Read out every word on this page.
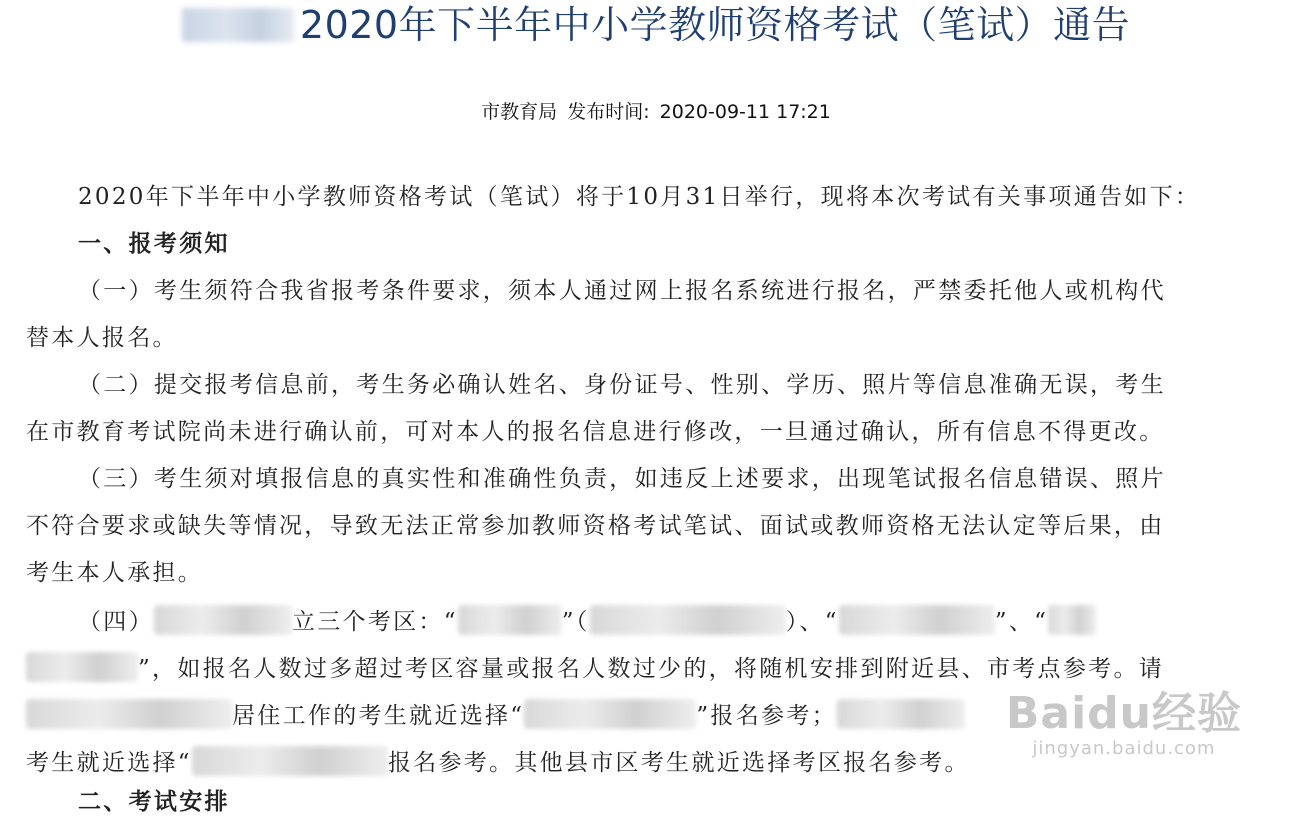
2020年下半年中小学教师资格考试（笔试）通告
市教育局 发布时间: 2020-09-11 17:21
2020年下半年中小学教师资格考试（笔试）将于10月31日举行，现将本次考试有关事项通告如下：
一、报考须知
（一）考生须符合我省报考条件要求，须本人通过网上报名系统进行报名，严禁委托他人或机构代
替本人报名。
（二）提交报考信息前，考生务必确认姓名、身份证号、性别、学历、照片等信息准确无误，考生
在市教育考试院尚未进行确认前，可对本人的报名信息进行修改，一旦通过确认，所有信息不得更改。
（三）考生须对填报信息的真实性和准确性负责，如违反上述要求，出现笔试报名信息错误、照片
不符合要求或缺失等情况，导致无法正常参加教师资格考试笔试、面试或教师资格无法认定等后果，由
考生本人承担。
（四）	立三个考区：“	”（	）、“	”、“
”，如报名人数过多超过考区容量或报名人数过少的，将随机安排到附近县、市考点参考。请
居住工作的考生就近选择“	”报名参考；
考生就近选择“	报名参考。其他县市区考生就近选择考区报名参考。
二、考试安排
Baidu经验
jingyan.baidu.com
